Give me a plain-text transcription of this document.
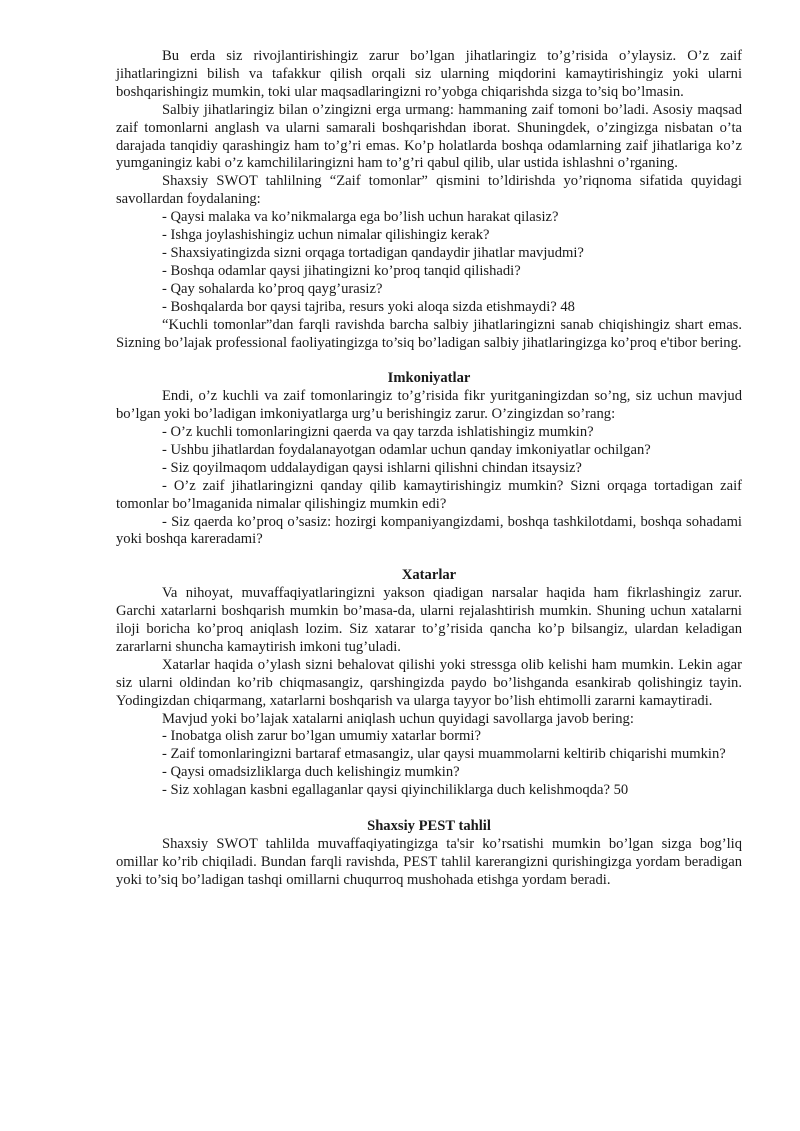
Bu erda siz rivojlantirishingiz zarur bo’lgan jihatlaringiz to’g’risida o’ylaysiz. O’z zaif jihatlaringizni bilish va tafakkur qilish orqali siz ularning miqdorini kamaytirishingiz yoki ularni boshqarishingiz mumkin, toki ular maqsadlaringizni ro’yobga chiqarishda sizga to’siq bo’lmasin.

Salbiy jihatlaringiz bilan o’zingizni erga urmang: hammaning zaif tomoni bo’ladi. Asosiy maqsad zaif tomonlarni anglash va ularni samarali boshqarishdan iborat. Shuningdek, o’zingizga nisbatan o’ta darajada tanqidiy qarashingiz ham to’g’ri emas. Ko’p holatlarda boshqa odamlarning zaif jihatlariga ko’z yumganingiz kabi o’z kamchililaringizni ham to’g’ri qabul qilib, ular ustida ishlashni o’rganing.

Shaxsiy SWOT tahlilning “Zaif tomonlar” qismini to’ldirishda yo’riqnoma sifatida quyidagi savollardan foydalaning:

- Qaysi malaka va ko’nikmalarga ega bo’lish uchun harakat qilasiz?

- Ishga joylashishingiz uchun nimalar qilishingiz kerak?

- Shaxsiyatingizda sizni orqaga tortadigan qandaydir jihatlar mavjudmi?

- Boshqa odamlar qaysi jihatingizni ko’proq tanqid qilishadi?

- Qay sohalarda ko’proq qayg’urasiz?

- Boshqalarda bor qaysi tajriba, resurs yoki aloqa sizda etishmaydi? 48

“Kuchli tomonlar”dan farqli ravishda barcha salbiy jihatlaringizni sanab chiqishingiz shart emas. Sizning bo’lajak professional faoliyatingizga to’siq bo’ladigan salbiy jihatlaringizga ko’proq e'tibor bering.

Imkoniyatlar

Endi, o’z kuchli va zaif tomonlaringiz to’g’risida fikr yuritganingizdan so’ng, siz uchun mavjud bo’lgan yoki bo’ladigan imkoniyatlarga urg’u berishingiz zarur. O’zingizdan so’rang:

- O’z kuchli tomonlaringizni qaerda va qay tarzda ishlatishingiz mumkin?

- Ushbu jihatlardan foydalanayotgan odamlar uchun qanday imkoniyatlar ochilgan?

- Siz qoyilmaqom uddalaydigan qaysi ishlarni qilishni chindan itsaysiz?

- O’z zaif jihatlaringizni qanday qilib kamaytirishingiz mumkin? Sizni orqaga tortadigan zaif tomonlar bo’lmaganida nimalar qilishingiz mumkin edi?

- Siz qaerda ko’proq o’sasiz: hozirgi kompaniyangizdami, boshqa tashkilotdami, boshqa sohadami yoki boshqa kareradami?

Xatarlar

Va nihoyat, muvaffaqiyatlaringizni yakson qiadigan narsalar haqida ham fikrlashingiz zarur. Garchi xatarlarni boshqarish mumkin bo’masa-da, ularni rejalashtirish mumkin. Shuning uchun xatalarni iloji boricha ko’proq aniqlash lozim. Siz xatarar to’g’risida qancha ko’p bilsangiz, ulardan keladigan zararlarni shuncha kamaytirish imkoni tug’uladi.

Xatarlar haqida o’ylash sizni behalovat qilishi yoki stressga olib kelishi ham mumkin. Lekin agar siz ularni oldindan ko’rib chiqmasangiz, qarshingizda paydo bo’lishganda esankirab qolishingiz tayin. Yodingizdan chiqarmang, xatarlarni boshqarish va ularga tayyor bo’lish ehtimolli zararni kamaytiradi.

Mavjud yoki bo’lajak xatalarni aniqlash uchun quyidagi savollarga javob bering:

- Inobatga olish zarur bo’lgan umumiy xatarlar bormi?

- Zaif tomonlaringizni bartaraf etmasangiz, ular qaysi muammolarni keltirib chiqarishi mumkin?

- Qaysi omadsizliklarga duch kelishingiz mumkin?

- Siz xohlagan kasbni egallaganlar qaysi qiyinchiliklarga duch kelishmoqda? 50

Shaxsiy PEST tahlil

Shaxsiy SWOT tahlilda muvaffaqiyatingizga ta'sir ko’rsatishi mumkin bo’lgan sizga bog’liq omillar ko’rib chiqiladi. Bundan farqli ravishda, PEST tahlil karerangizni qurishingizga yordam beradigan yoki to’siq bo’ladigan tashqi omillarni chuqurroq mushohada etishga yordam beradi.
